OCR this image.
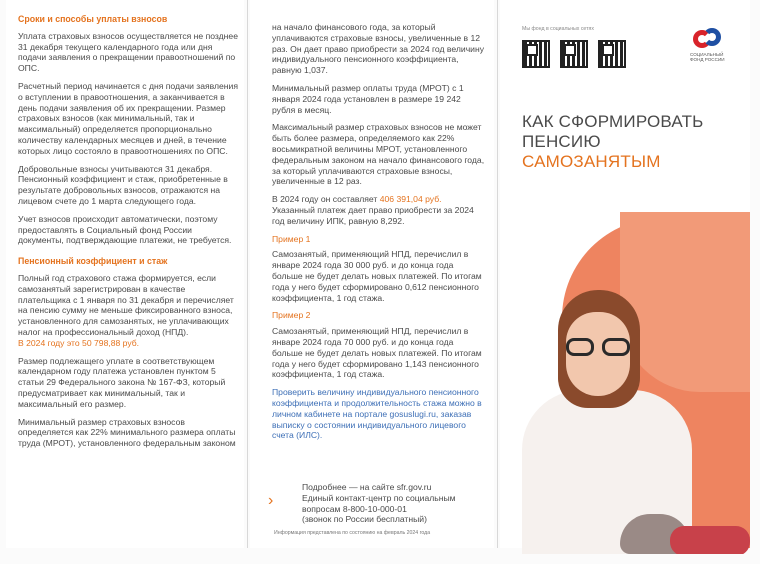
Сроки и способы уплаты взносов

Уплата страховых взносов осуществляется не позднее 31 декабря текущего календарного года или дня подачи заявления о прекращении правоотношений по ОПС.

Расчетный период начинается с дня подачи заявления о вступлении в правоотношения, а заканчивается в день подачи заявления об их прекращении. Размер страховых взносов (как минимальный, так и максимальный) определяется пропорционально количеству календарных месяцев и дней, в течение которых лицо состояло в правоотношениях по ОПС.

Добровольные взносы учитываются 31 декабря. Пенсионный коэффициент и стаж, приобретенные в результате добровольных взносов, отражаются на лицевом счете до 1 марта следующего года.

Учет взносов происходит автоматически, поэтому предоставлять в Социальный фонд России документы, подтверждающие платежи, не требуется.

Пенсионный коэффициент и стаж

Полный год страхового стажа формируется, если самозанятый зарегистрирован в качестве плательщика с 1 января по 31 декабря и перечисляет на пенсию сумму не меньше фиксированного взноса, установленного для самозанятых, не уплачивающих налог на профессиональный доход (НПД).

В 2024 году это 50 798,88 руб.

Размер подлежащего уплате в соответствующем календарном году платежа установлен пунктом 5 статьи 29 Федерального закона № 167-ФЗ, который предусматривает как минимальный, так и максимальный его размер.

Минимальный размер страховых взносов определяется как 22% минимального размера оплаты труда (МРОТ), установленного федеральным законом

на начало финансового года, за который уплачиваются страховые взносы, увеличенные в 12 раз. Он дает право приобрести за 2024 год величину индивидуального пенсионного коэффициента, равную 1,037.

Минимальный размер оплаты труда (МРОТ) с 1 января 2024 года установлен в размере 19 242 рубля в месяц.

Максимальный размер страховых взносов не может быть более размера, определяемого как 22% восьмикратной величины МРОТ, установленного федеральным законом на начало финансового года, за который уплачиваются страховые взносы, увеличенные в 12 раз.

В 2024 году он составляет 406 391,04 руб. Указанный платеж дает право приобрести за 2024 год величину ИПК, равную 8,292.

Пример 1

Самозанятый, применяющий НПД, перечислил в январе 2024 года 30 000 руб. и до конца года больше не будет делать новых платежей. По итогам года у него будет сформировано 0,612 пенсионного коэффициента, 1 год стажа.

Пример 2

Самозанятый, применяющий НПД, перечислил в январе 2024 года 70 000 руб. и до конца года больше не будет делать новых платежей. По итогам года у него будет сформировано 1,143 пенсионного коэффициента, 1 год стажа.

Проверить величину индивидуального пенсионного коэффициента и продолжительность стажа можно в личном кабинете на портале gosuslugi.ru, заказав выписку о состоянии индивидуального лицевого счета (ИЛС).

›
Подробнее — на сайте sfr.gov.ru
Единый контакт-центр по социальным вопросам 8-800-10-000-01
(звонок по России бесплатный)
Информация представлена по состоянию на февраль 2024 года
Мы фонд в социальных сетях
СОЦИАЛЬНЫЙ
ФОНД РОССИИ
КАК СФОРМИРОВАТЬ
ПЕНСИЮ
САМОЗАНЯТЫМ
